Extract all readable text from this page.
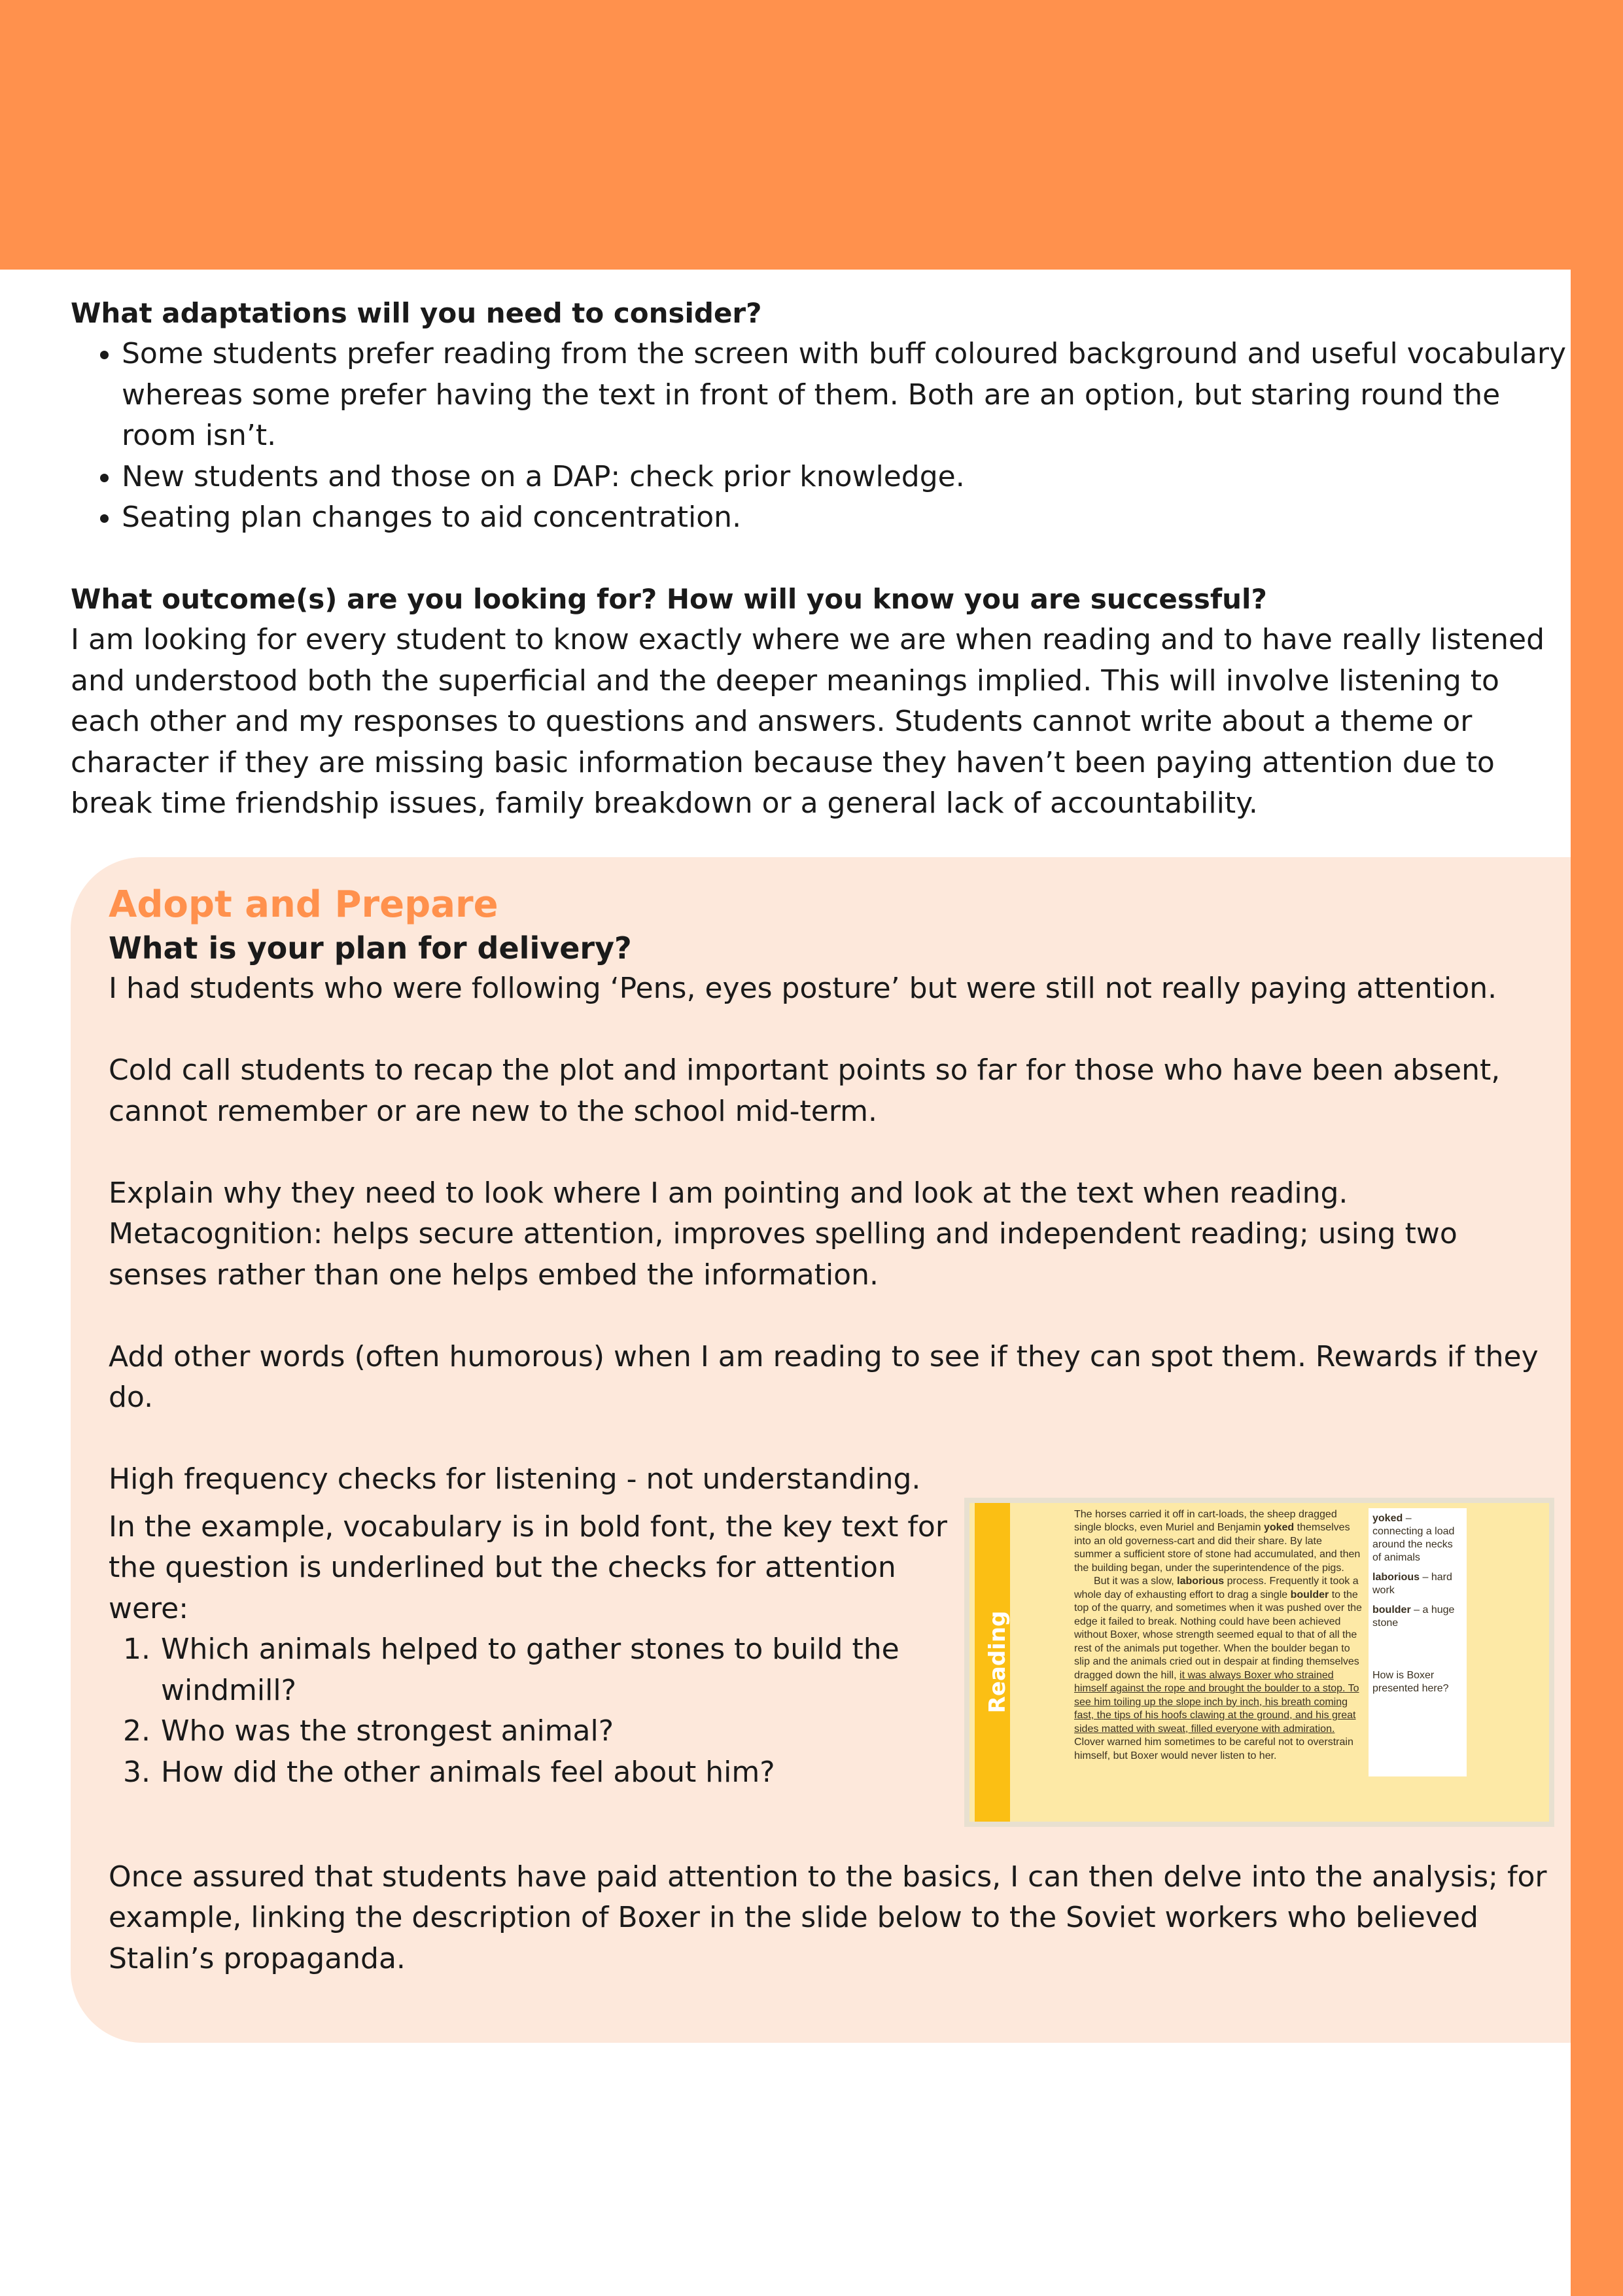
What adaptations will you need to consider?

• Some students prefer reading from the screen with buff coloured background and useful vocabulary whereas some prefer having the text in front of them. Both are an option, but staring round the room isn’t.
• New students and those on a DAP: check prior knowledge.
• Seating plan changes to aid concentration.

What outcome(s) are you looking for? How will you know you are successful?

I am looking for every student to know exactly where we are when reading and to have really listened and understood both the superficial and the deeper meanings implied. This will involve listening to each other and my responses to questions and answers. Students cannot write about a theme or character if they are missing basic information because they haven’t been paying attention due to break time friendship issues, family breakdown or a general lack of accountability.

Adopt and Prepare

What is your plan for delivery?

I had students who were following ‘Pens, eyes posture’ but were still not really paying attention.

Cold call students to recap the plot and important points so far for those who have been absent, cannot remember or are new to the school mid-term.

Explain why they need to look where I am pointing and look at the text when reading. Metacognition: helps secure attention, improves spelling and independent reading; using two senses rather than one helps embed the information.

Add other words (often humorous) when I am reading to see if they can spot them. Rewards if they do.

High frequency checks for listening - not understanding.

In the example, vocabulary is in bold font, the key text for the question is underlined but the checks for attention were:

1. Which animals helped to gather stones to build the windmill?
2. Who was the strongest animal?
3. How did the other animals feel about him?
Reading

The horses carried it off in cart-loads, the sheep dragged single blocks, even Muriel and Benjamin yoked themselves into an old governess-cart and did their share. By late summer a sufficient store of stone had accumulated, and then the building began, under the superintendence of the pigs.

But it was a slow, laborious process. Frequently it took a whole day of exhausting effort to drag a single boulder to the top of the quarry, and sometimes when it was pushed over the edge it failed to break. Nothing could have been achieved without Boxer, whose strength seemed equal to that of all the rest of the animals put together. When the boulder began to slip and the animals cried out in despair at finding themselves dragged down the hill, it was always Boxer who strained himself against the rope and brought the boulder to a stop. To see him toiling up the slope inch by inch, his breath coming fast, the tips of his hoofs clawing at the ground, and his great sides matted with sweat, filled everyone with admiration. Clover warned him sometimes to be careful not to overstrain himself, but Boxer would never listen to her.

yoked – connecting a load around the necks of animals

laborious – hard work

boulder – a huge stone

How is Boxer presented here?

Once assured that students have paid attention to the basics, I can then delve into the analysis; for example, linking the description of Boxer in the slide below to the Soviet workers who believed Stalin’s propaganda.
